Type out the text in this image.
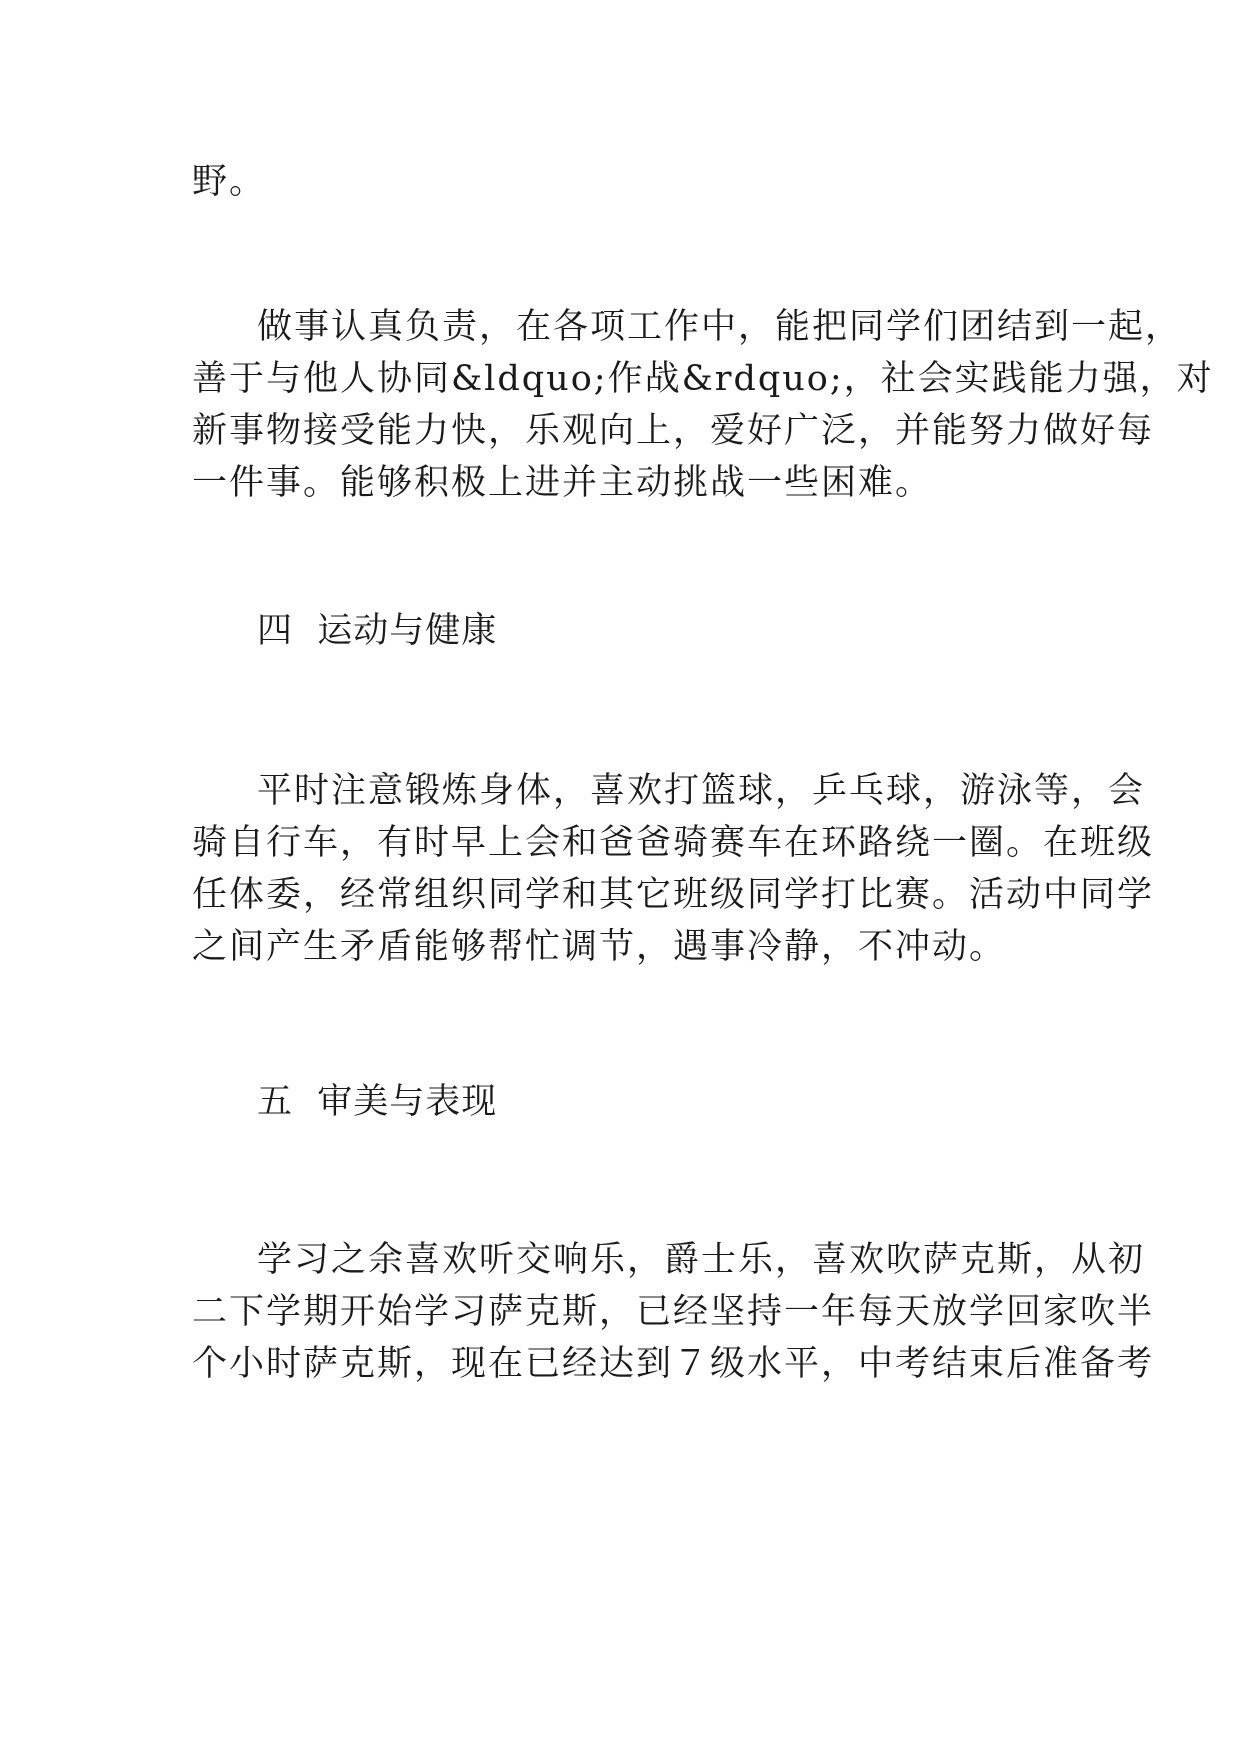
野。
做事认真负责，在各项工作中，能把同学们团结到一起，
善于与他人协同&ldquo;作战&rdquo;，社会实践能力强，对
新事物接受能力快，乐观向上，爱好广泛，并能努力做好每
一件事。能够积极上进并主动挑战一些困难。
四  运动与健康
平时注意锻炼身体，喜欢打篮球，乒乓球，游泳等，会
骑自行车，有时早上会和爸爸骑赛车在环路绕一圈。在班级
任体委，经常组织同学和其它班级同学打比赛。活动中同学
之间产生矛盾能够帮忙调节，遇事冷静，不冲动。
五  审美与表现
学习之余喜欢听交响乐，爵士乐，喜欢吹萨克斯，从初
二下学期开始学习萨克斯，已经坚持一年每天放学回家吹半
个小时萨克斯，现在已经达到７级水平，中考结束后准备考
